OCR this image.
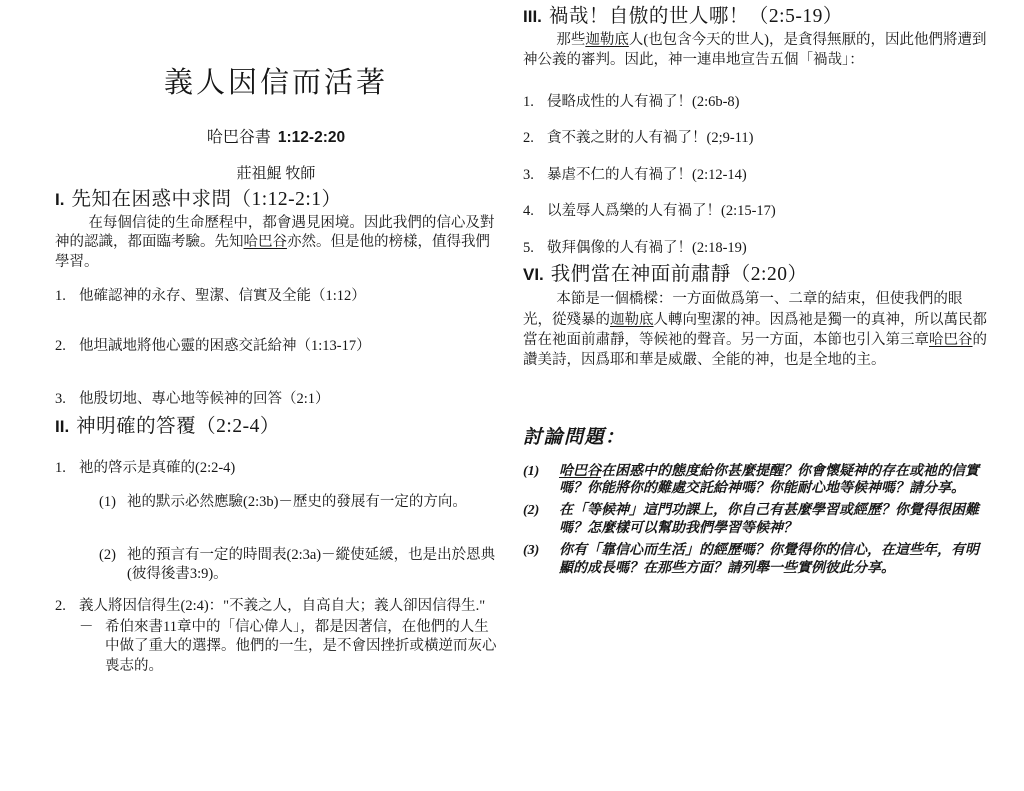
義人因信而活著
哈巴谷書 1:12-2:20
莊祖鯤 牧師
I. 先知在困惑中求問（1:12-2:1）

在每個信徒的生命歷程中，都會遇見困境。因此我們的信心及對神的認識，都面臨考驗。先知哈巴谷亦然。但是他的榜樣，值得我們學習。

1. 他確認神的永存、聖潔、信實及全能（1:12）
2. 他坦誠地將他心靈的困惑交託給神（1:13-17）
3. 他殷切地、專心地等候神的回答（2:1）
II. 神明確的答覆（2:2-4）
1. 祂的啓示是真確的(2:2-4)
(1) 祂的默示必然應驗(2:3b)－歷史的發展有一定的方向。
(2) 祂的預言有一定的時間表(2:3a)－縱使延緩，也是出於恩典(彼得後書3:9)。
2. 義人將因信得生(2:4)："不義之人，自高自大；義人卻因信得生."
－ 希伯來書11章中的「信心偉人」，都是因著信，在他們的人生中做了重大的選擇。他們的一生，是不會因挫折或橫逆而灰心喪志的。
III. 禍哉！自傲的世人哪！（2:5-19）

那些迦勒底人(也包含今天的世人)，是貪得無厭的，因此他們將遭到神公義的審判。因此，神一連串地宣告五個「禍哉」：

1. 侵略成性的人有禍了！(2:6b-8)
2. 貪不義之財的人有禍了！(2;9-11)
3. 暴虐不仁的人有禍了！(2:12-14)
4. 以羞辱人爲樂的人有禍了！(2:15-17)
5. 敬拜偶像的人有禍了！(2:18-19)
VI. 我們當在神面前肅靜（2:20）

本節是一個橋樑：一方面做爲第一、二章的結束，但使我們的眼光，從殘暴的迦勒底人轉向聖潔的神。因爲祂是獨一的真神，所以萬民都當在祂面前肅靜，等候祂的聲音。另一方面，本節也引入第三章哈巴谷的讚美詩，因爲耶和華是威嚴、全能的神，也是全地的主。

討論問題：
(1)	哈巴谷在困惑中的態度給你甚麼提醒？你會懷疑神的存在或祂的信實嗎？你能將你的難處交託給神嗎？你能耐心地等候神嗎？請分享。
(2)	在「等候神」這門功課上，你自己有甚麼學習或經歷？你覺得很困難嗎？怎麼樣可以幫助我們學習等候神？
(3)	你有「靠信心而生活」的經歷嗎？你覺得你的信心，在這些年，有明顯的成長嗎？在那些方面？請列舉一些實例彼此分享。
